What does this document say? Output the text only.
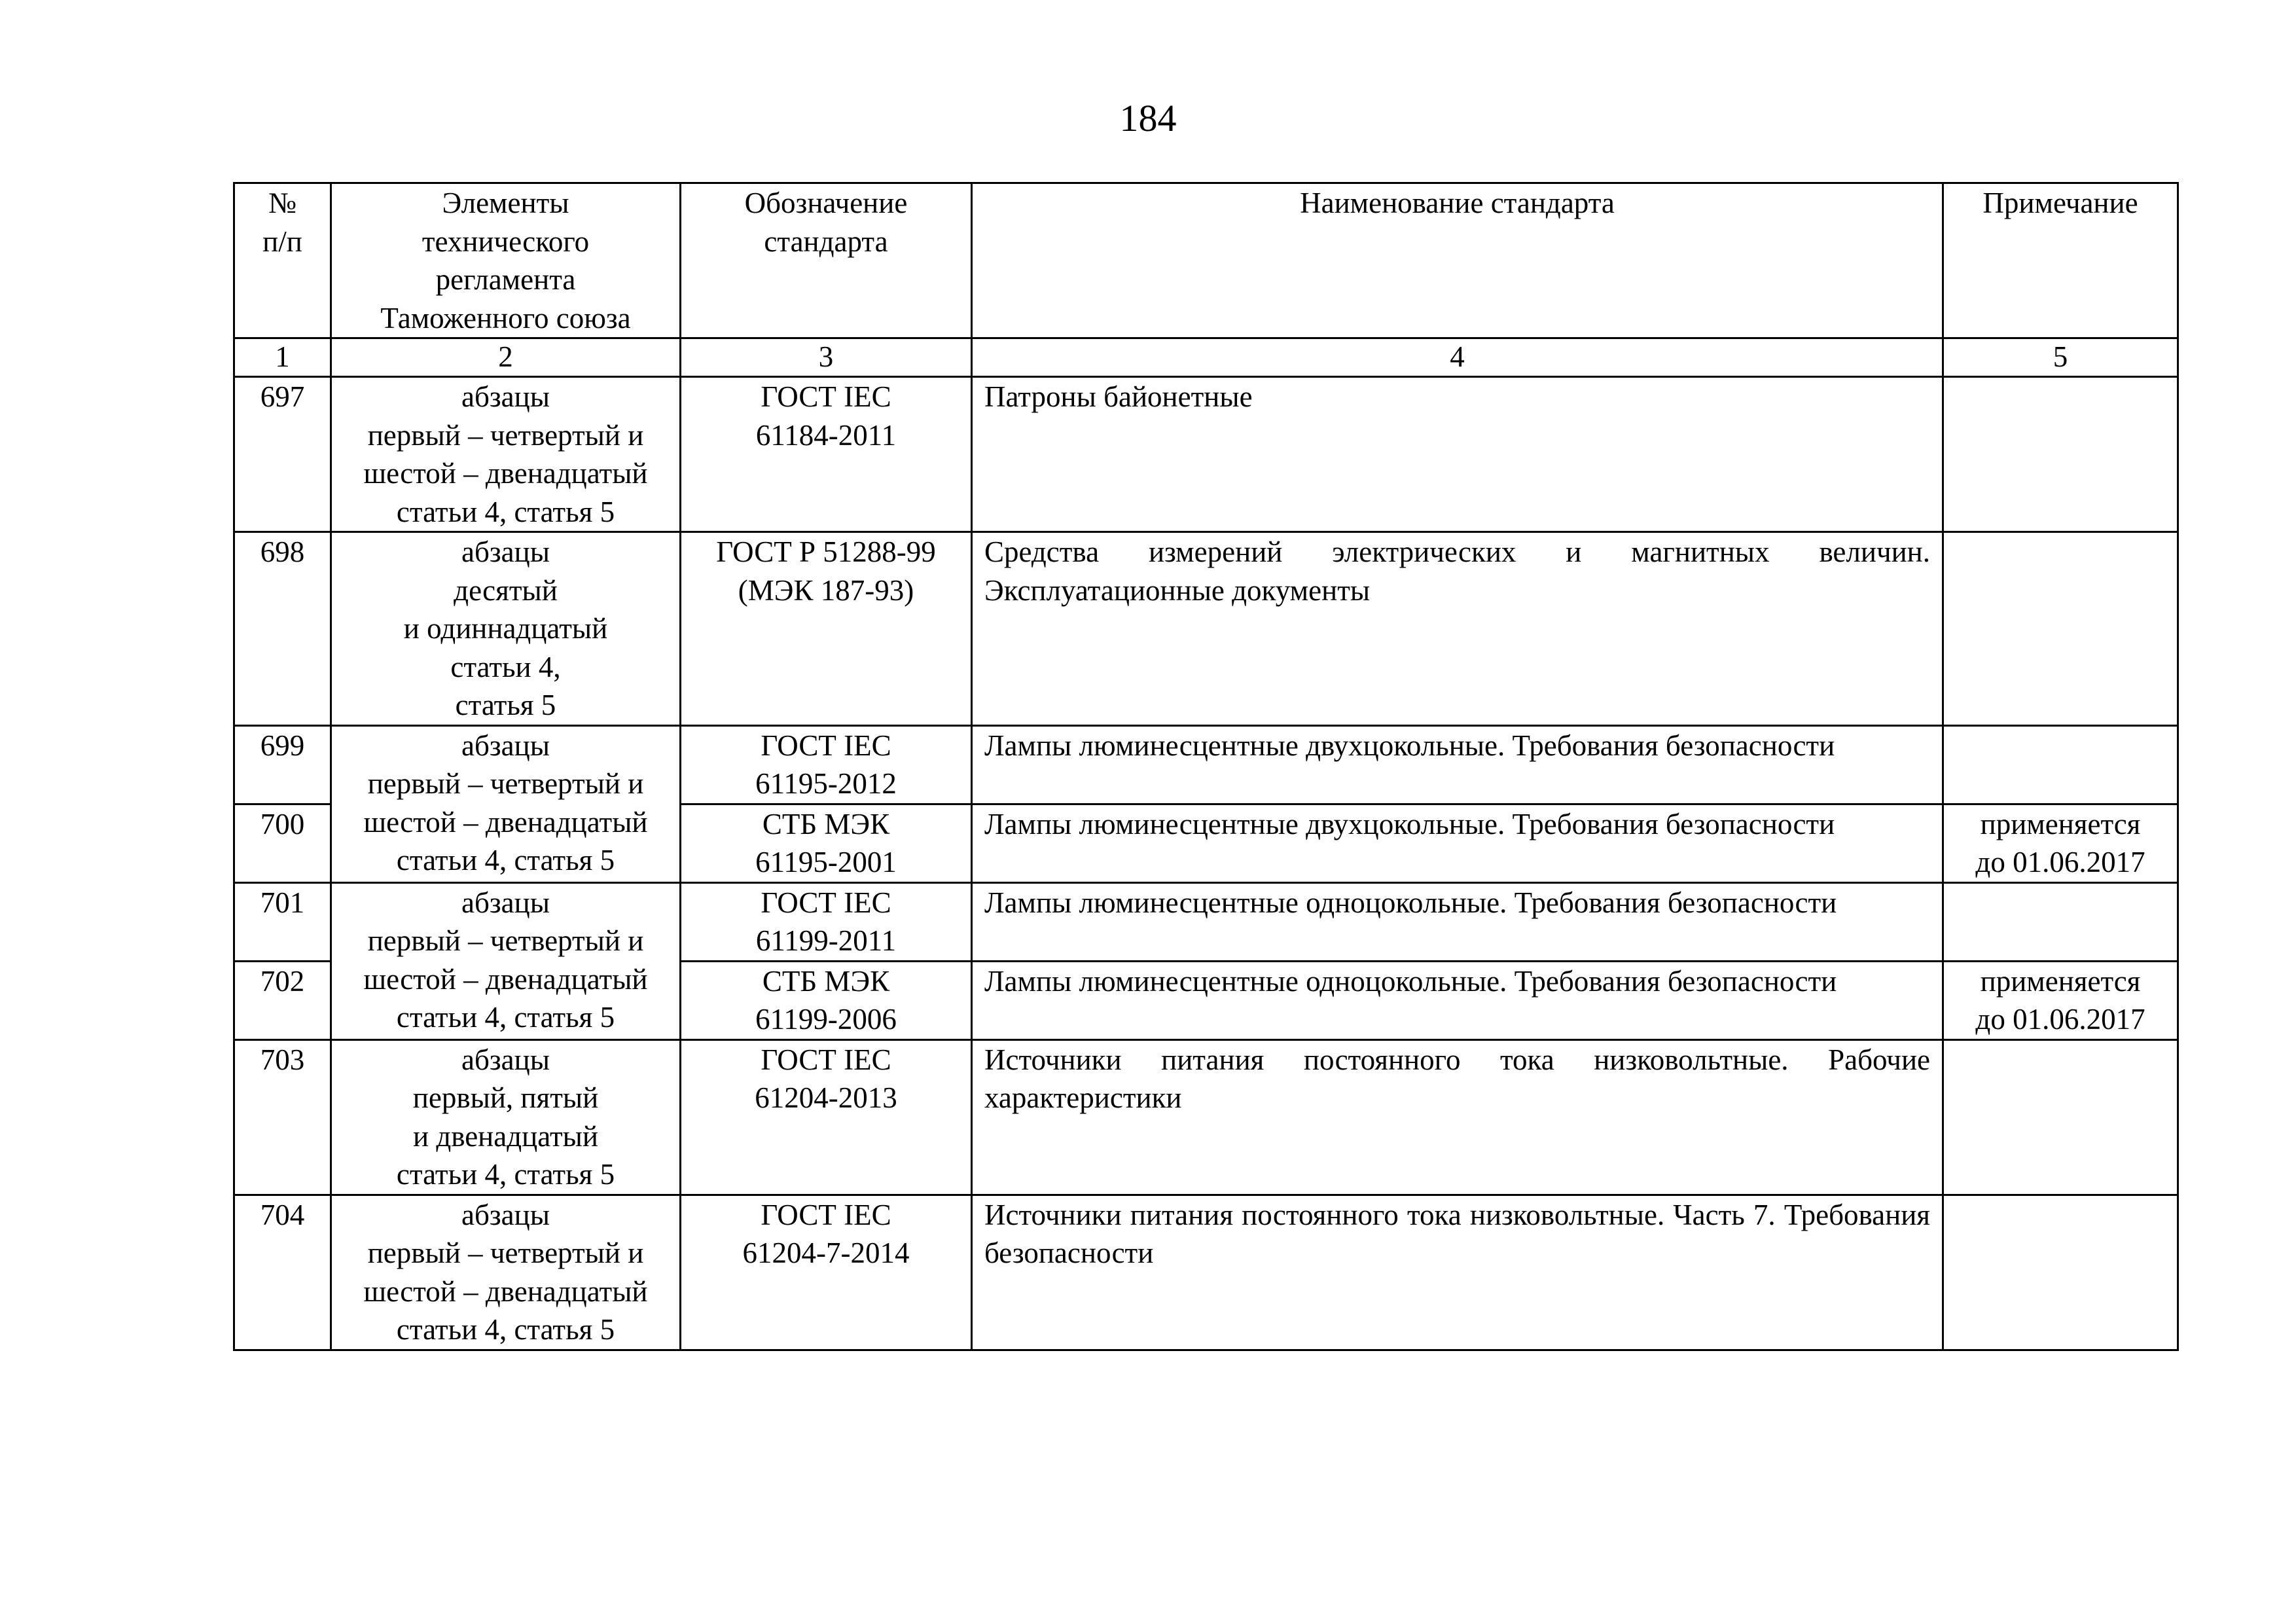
184
№
п/п	Элементы
технического
регламента
Таможенного союза	Обозначение
стандарта	Наименование стандарта	Примечание
1	2	3	4	5
697	абзацы
первый – четвертый и
шестой – двенадцатый
статьи 4, статья 5	ГОСТ IEC
61184-2011	Патроны байонетные	

698	абзацы
десятый
и одиннадцатый
статьи 4,
статья 5	ГОСТ Р 51288-99
(МЭК 187-93)	Средства измерений электрических и магнитных величин. Эксплуатационные документы	

699	абзацы
первый – четвертый и
шестой – двенадцатый
статьи 4, статья 5	ГОСТ IEC
61195-2012	Лампы люминесцентные двухцокольные. Требования безопасности	

700		СТБ МЭК
61195-2001	Лампы люминесцентные двухцокольные. Требования безопасности	применяется
до 01.06.2017

701	абзацы
первый – четвертый и
шестой – двенадцатый
статьи 4, статья 5	ГОСТ IEC
61199-2011	Лампы люминесцентные одноцокольные. Требования безопасности	

702		СТБ МЭК
61199-2006	Лампы люминесцентные одноцокольные. Требования безопасности	применяется
до 01.06.2017

703	абзацы
первый, пятый
и двенадцатый
статьи 4, статья 5	ГОСТ IEC
61204-2013	Источники питания постоянного тока низковольтные. Рабочие характеристики	

704	абзацы
первый – четвертый и
шестой – двенадцатый
статьи 4, статья 5	ГОСТ IEC
61204-7-2014	Источники питания постоянного тока низковольтные. Часть 7. Требования безопасности	
